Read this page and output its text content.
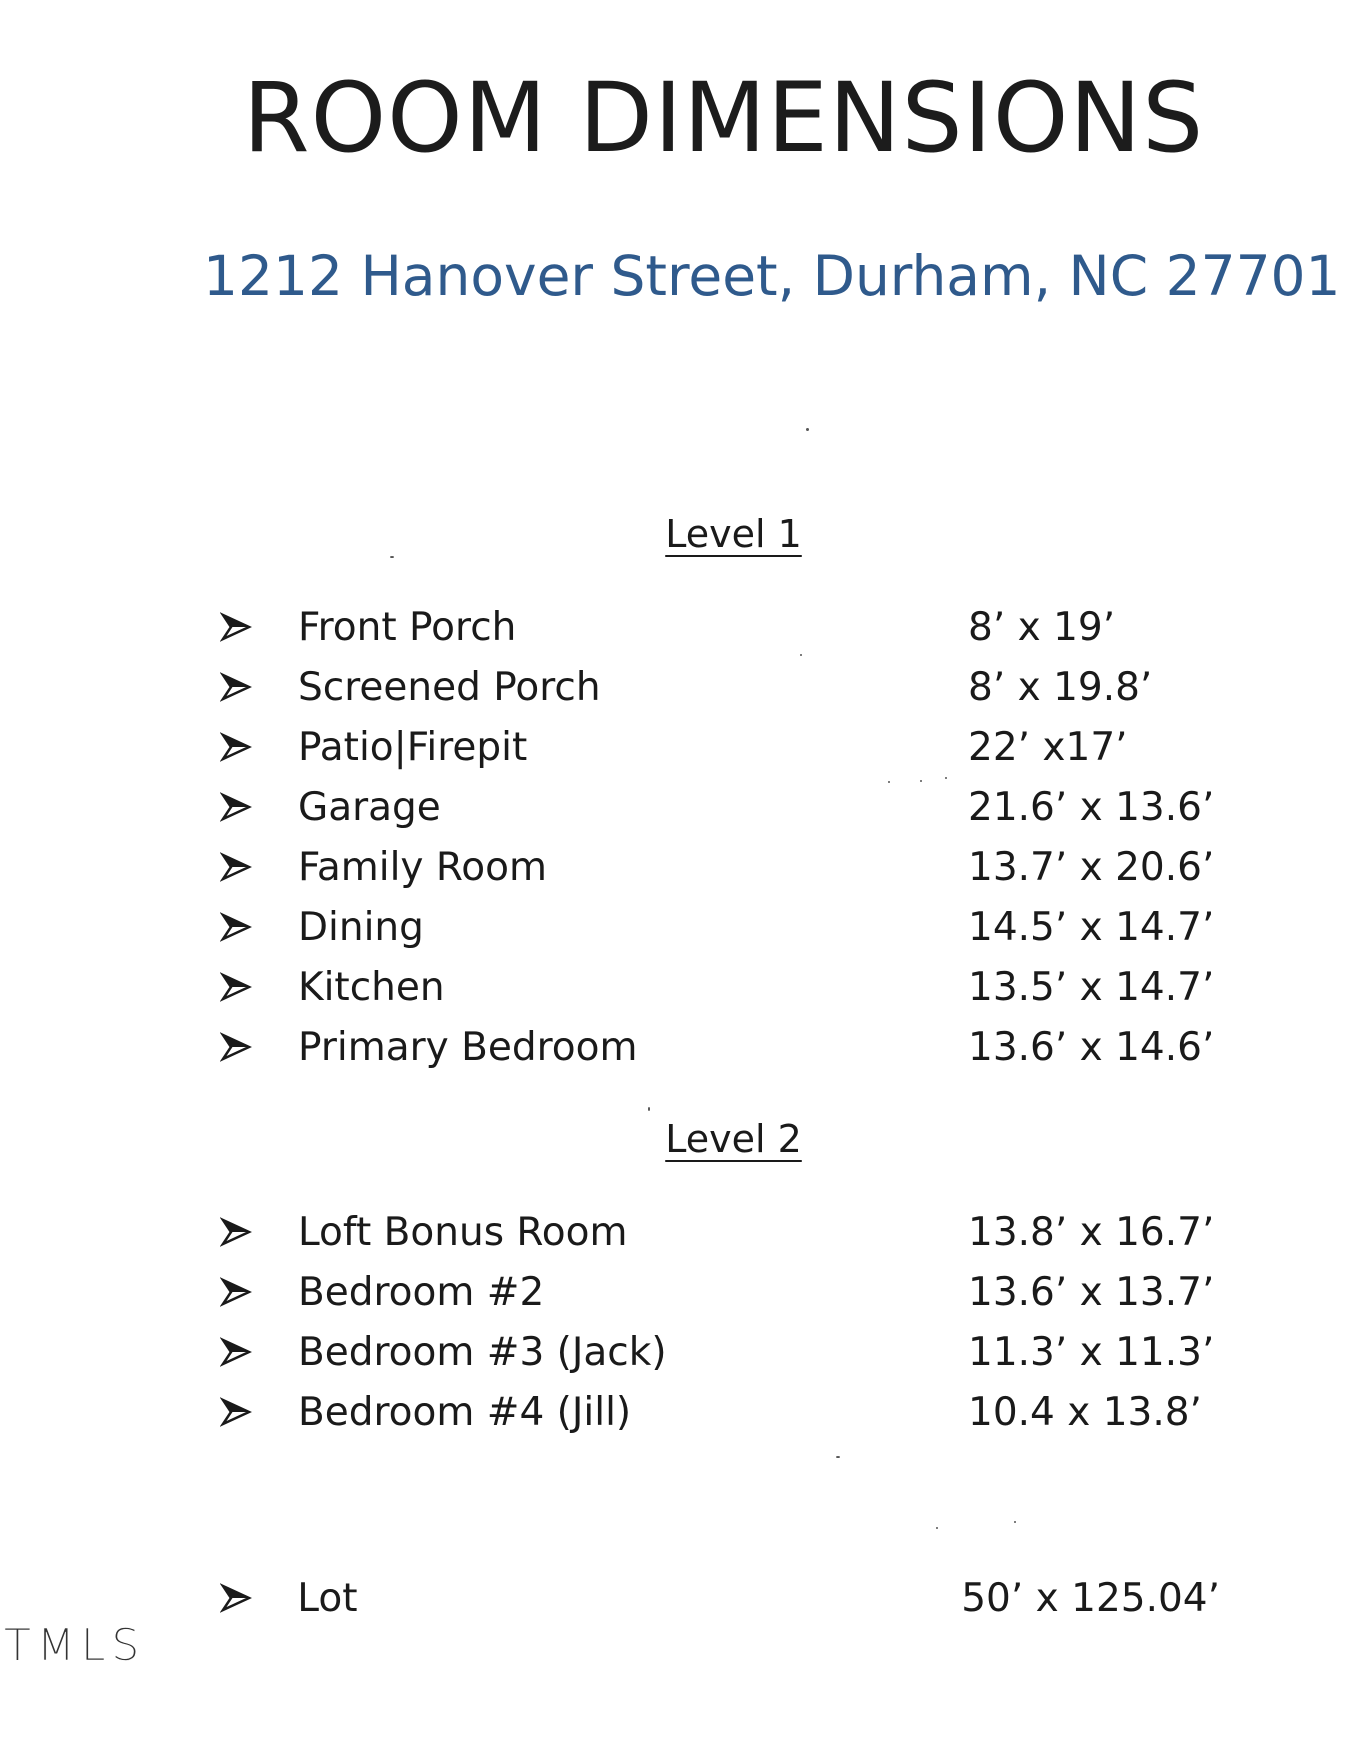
ROOM DIMENSIONS
1212 Hanover Street, Durham, NC 27701
Level 1
Front Porch	8’ x 19’
Screened Porch	8’ x 19.8’
Patio|Firepit	22’ x17’
Garage	21.6’ x 13.6’
Family Room	13.7’ x 20.6’
Dining	14.5’ x 14.7’
Kitchen	13.5’ x 14.7’
Primary Bedroom	13.6’ x 14.6’
Level 2
Loft Bonus Room	13.8’ x 16.7’
Bedroom #2	13.6’ x 13.7’
Bedroom #3 (Jack)	11.3’ x 11.3’
Bedroom #4 (Jill)	10.4 x 13.8’
Lot	50’ x 125.04’
TMLS
